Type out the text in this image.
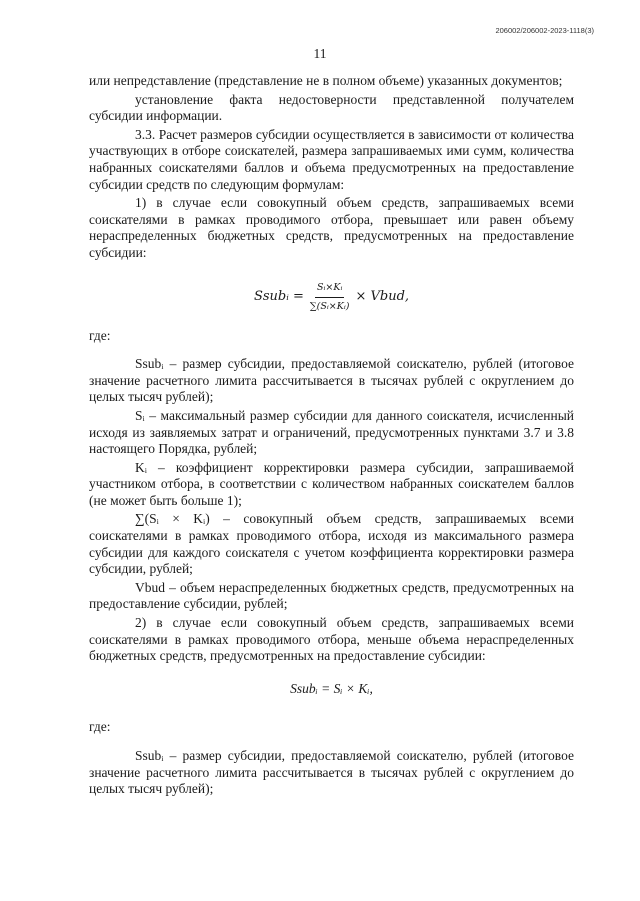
206002/206002-2023-1118(3)
11

или непредставление (представление не в полном объеме) указанных документов;

установление факта недостоверности представленной получателем субсидии информации.

3.3. Расчет размеров субсидии осуществляется в зависимости от количества участвующих в отборе соискателей, размера запрашиваемых ими сумм, количества набранных соискателями баллов и объема предусмотренных на предоставление субсидии средств по следующим формулам:

1) в случае если совокупный объем средств, запрашиваемых всеми соискателями в рамках проводимого отбора, превышает или равен объему нераспределенных бюджетных средств, предусмотренных на предоставление субсидии:

Ssubᵢ = $\frac{\text{Sᵢ×Kᵢ}}{\text{∑(Sᵢ×Kᵢ)}}$ × Vbud,

где:

Ssubᵢ – размер субсидии, предоставляемой соискателю, рублей (итоговое значение расчетного лимита рассчитывается в тысячах рублей с округлением до целых тысяч рублей);

Sᵢ – максимальный размер субсидии для данного соискателя, исчисленный исходя из заявляемых затрат и ограничений, предусмотренных пунктами 3.7 и 3.8 настоящего Порядка, рублей;

Kᵢ – коэффициент корректировки размера субсидии, запрашиваемой участником отбора, в соответствии с количеством набранных соискателем баллов (не может быть больше 1);

∑(Sᵢ × Kᵢ) – совокупный объем средств, запрашиваемых всеми соискателями в рамках проводимого отбора, исходя из максимального размера субсидии для каждого соискателя с учетом коэффициента корректировки размера субсидии, рублей;

Vbud – объем нераспределенных бюджетных средств, предусмотренных на предоставление субсидии, рублей;

2) в случае если совокупный объем средств, запрашиваемых всеми соискателями в рамках проводимого отбора, меньше объема нераспределенных бюджетных средств, предусмотренных на предоставление субсидии:

Ssubᵢ = Sᵢ × Kᵢ,

где:

Ssubᵢ – размер субсидии, предоставляемой соискателю, рублей (итоговое значение расчетного лимита рассчитывается в тысячах рублей с округлением до целых тысяч рублей);
